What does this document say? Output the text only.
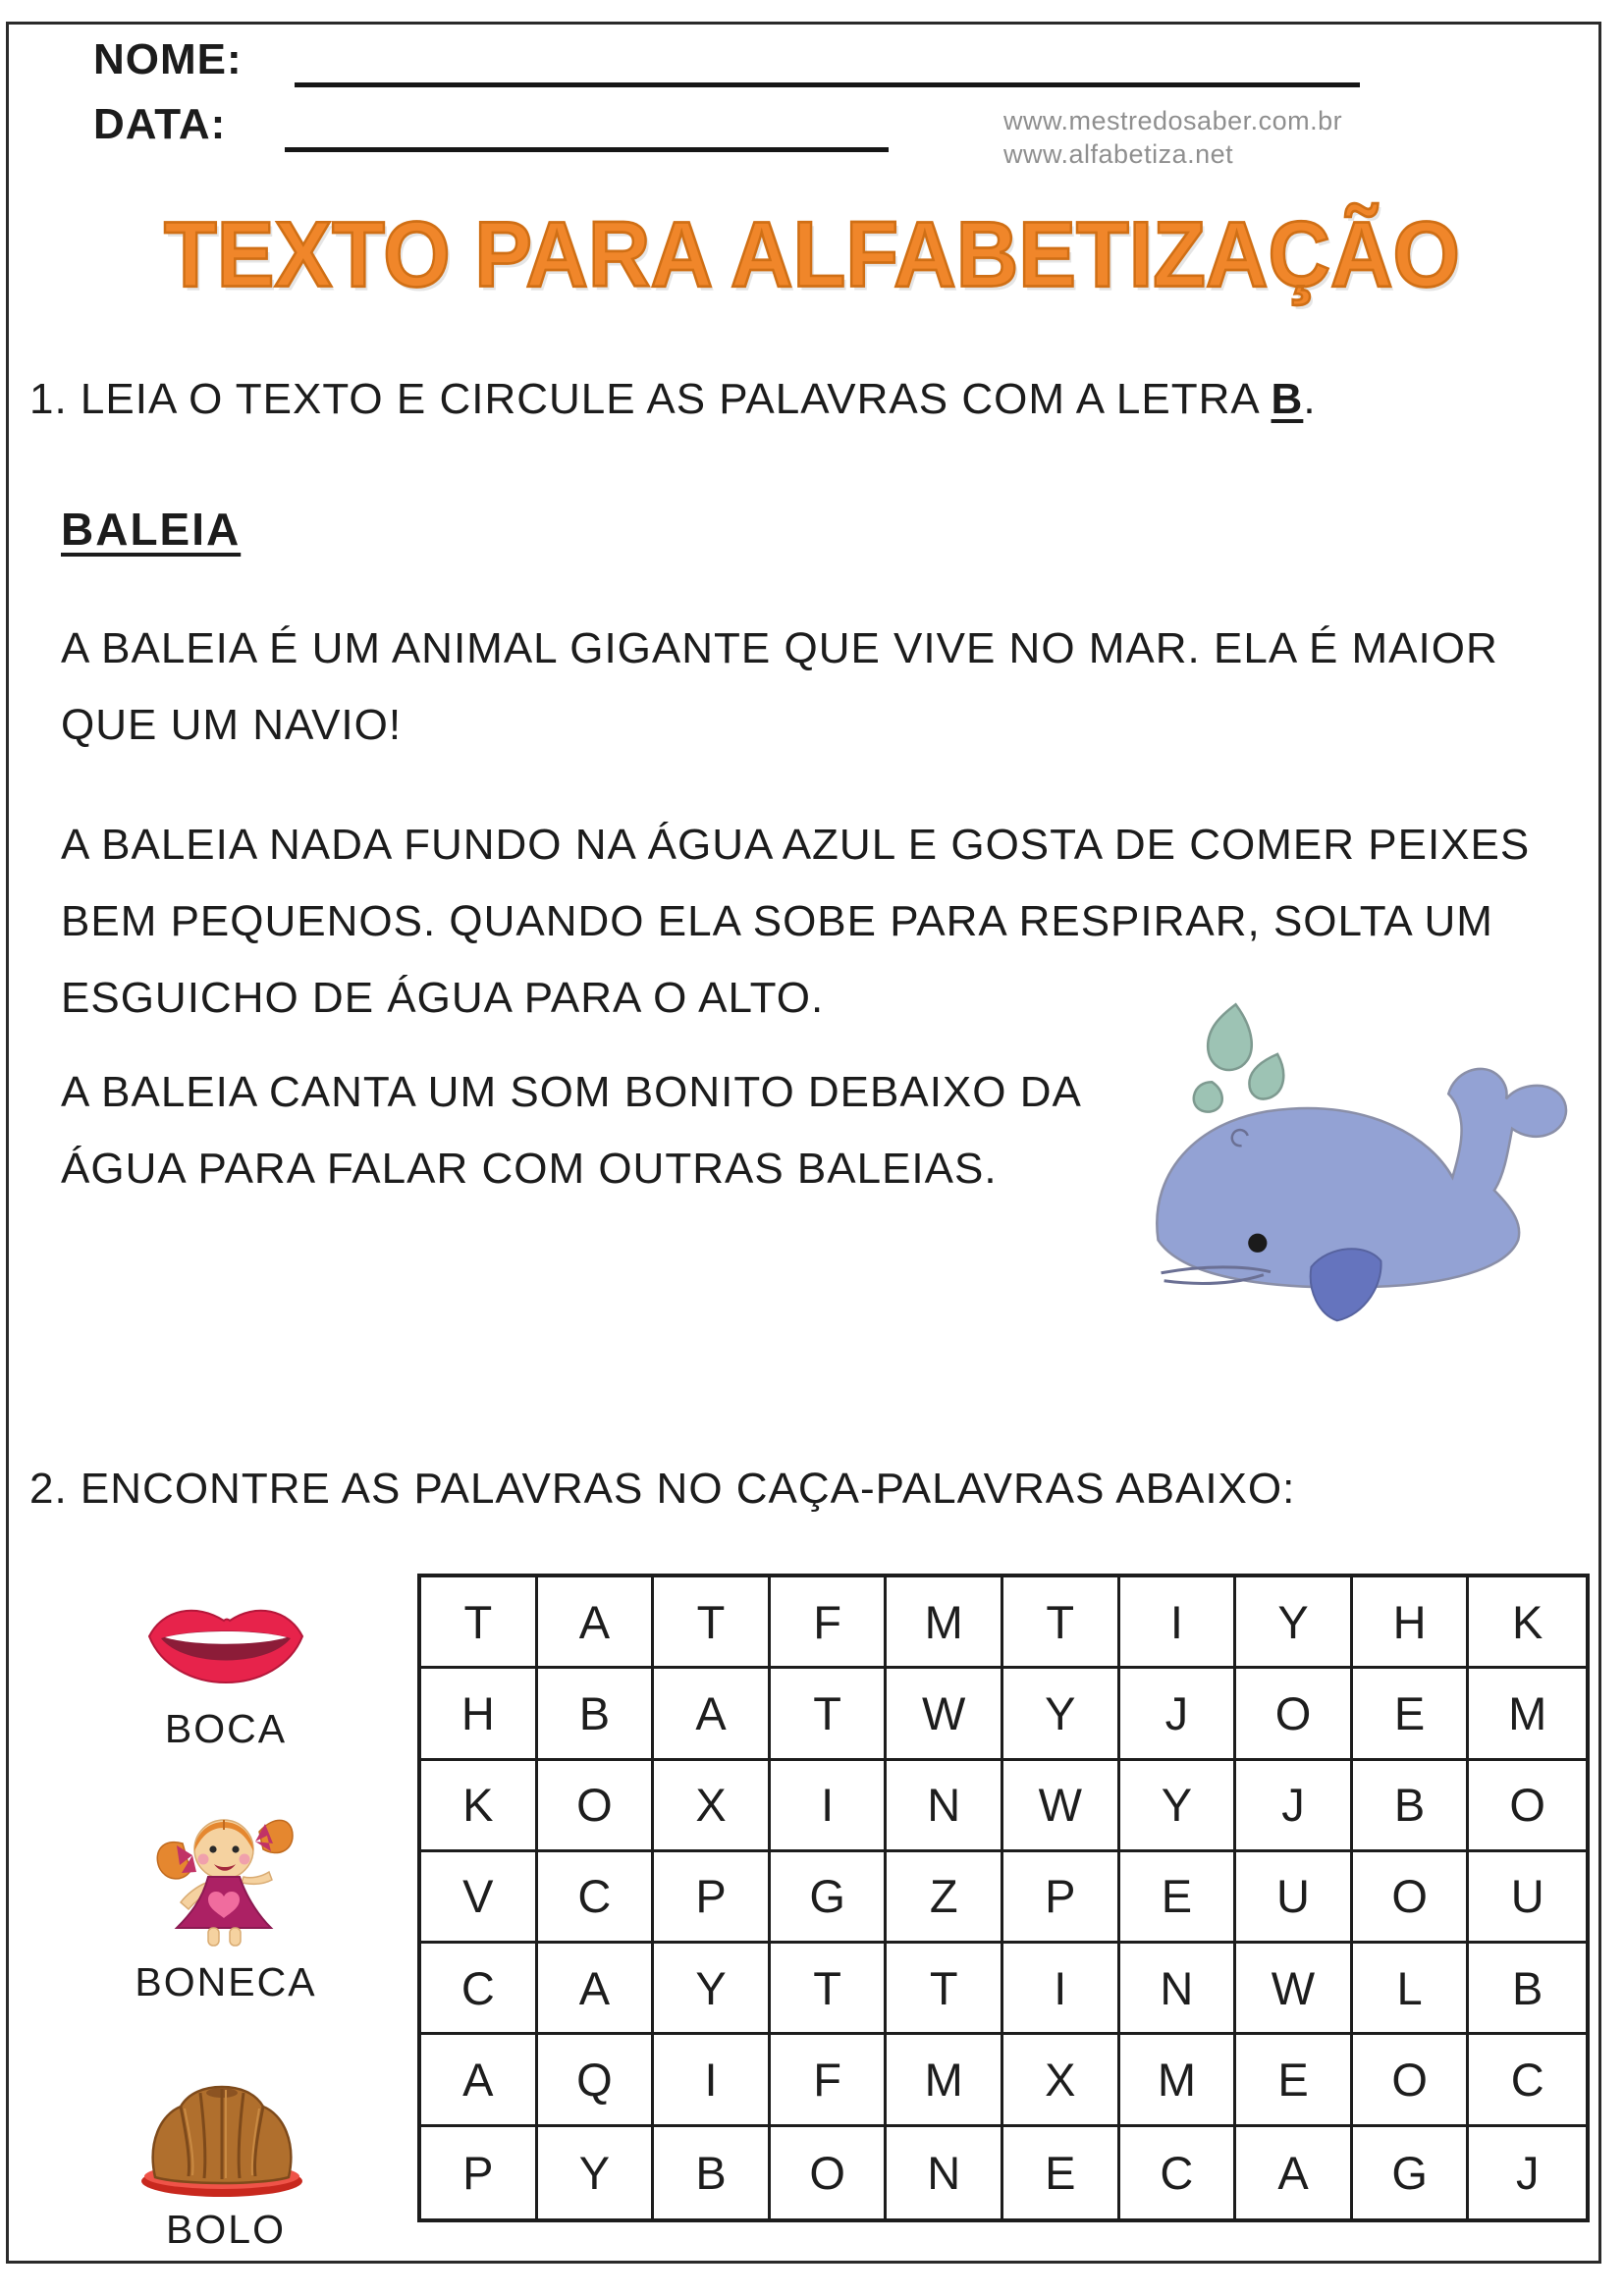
NOME:
DATA:	www.mestredosaber.com.br
www.alfabetiza.net
TEXTO PARA ALFABETIZAÇÃO
1. LEIA O TEXTO E CIRCULE AS PALAVRAS COM A LETRA B.
BALEIA
A BALEIA É UM ANIMAL GIGANTE QUE VIVE NO MAR. ELA É MAIOR
QUE UM NAVIO!
A BALEIA NADA FUNDO NA ÁGUA AZUL E GOSTA DE COMER PEIXES
BEM PEQUENOS. QUANDO ELA SOBE PARA RESPIRAR, SOLTA UM
ESGUICHO DE ÁGUA PARA O ALTO.
A BALEIA CANTA UM SOM BONITO DEBAIXO DA
ÁGUA PARA FALAR COM OUTRAS BALEIAS.
2. ENCONTRE AS PALAVRAS NO CAÇA-PALAVRAS ABAIXO:
BOCA
BONECA
BOLO
T	A	T	F	M	T	I	Y	H	K
H	B	A	T	W	Y	J	O	E	M
K	O	X	I	N	W	Y	J	B	O
V	C	P	G	Z	P	E	U	O	U
C	A	Y	T	T	I	N	W	L	B
A	Q	I	F	M	X	M	E	O	C
P	Y	B	O	N	E	C	A	G	J
